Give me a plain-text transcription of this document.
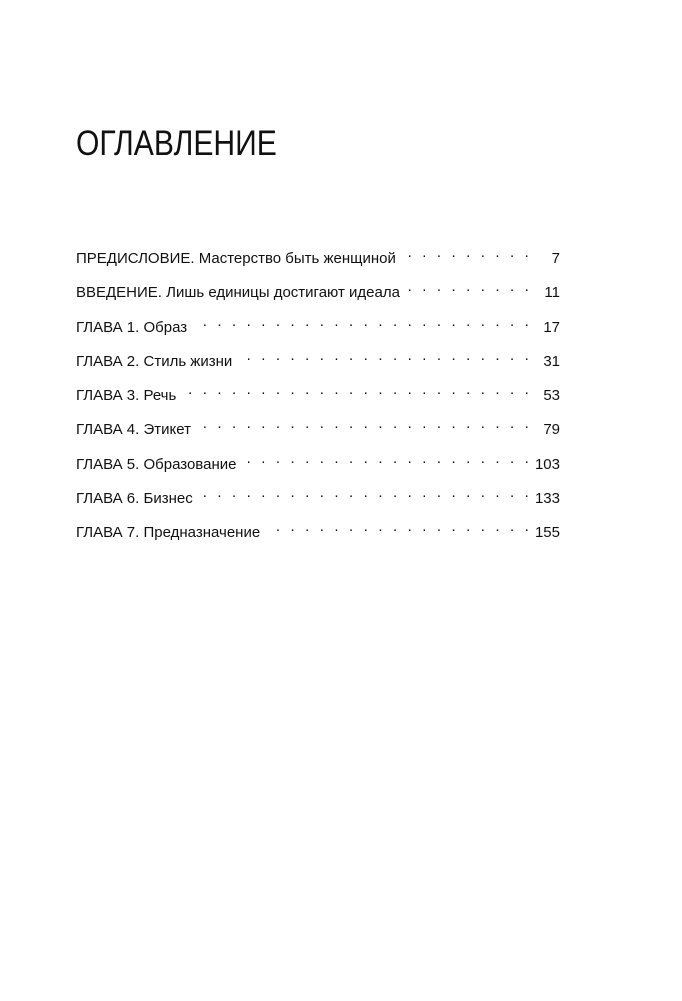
ОГЛАВЛЕНИЕ
ПРЕДИСЛОВИЕ. Мастерство быть женщиной . . .	7
ВВЕДЕНИЕ. Лишь единицы достигают идеала . . .	11
ГЛАВА 1. Образ . . .	17
ГЛАВА 2. Стиль жизни . . .	31
ГЛАВА 3. Речь . . .	53
ГЛАВА 4. Этикет . . .	79
ГЛАВА 5. Образование . . .	103
ГЛАВА 6. Бизнес . . .	133
ГЛАВА 7. Предназначение . . .	155
